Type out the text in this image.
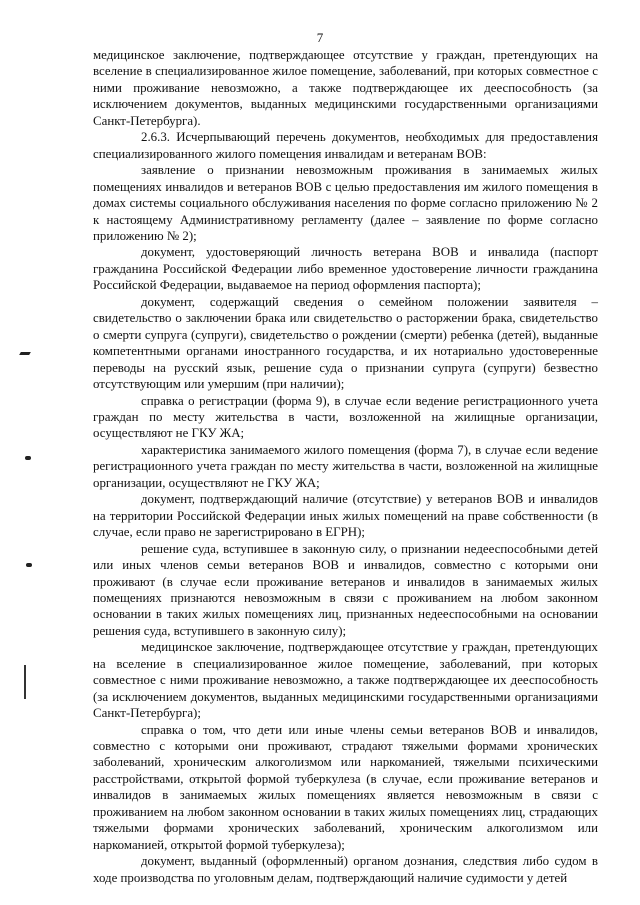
7

медицинское заключение, подтверждающее отсутствие у граждан, претендующих на вселение в специализированное жилое помещение, заболеваний, при которых совместное с ними проживание невозможно, а также подтверждающее их дееспособность (за исключением документов, выданных медицинскими государственными организациями Санкт-Петербурга).

2.6.3. Исчерпывающий перечень документов, необходимых для предоставления специализированного жилого помещения инвалидам и ветеранам ВОВ:

заявление о признании невозможным проживания в занимаемых жилых помещениях инвалидов и ветеранов ВОВ с целью предоставления им жилого помещения в домах системы социального обслуживания населения по форме согласно приложению № 2 к настоящему Административному регламенту (далее – заявление по форме согласно приложению № 2);

документ, удостоверяющий личность ветерана ВОВ и инвалида (паспорт гражданина Российской Федерации либо временное удостоверение личности гражданина Российской Федерации, выдаваемое на период оформления паспорта);

документ, содержащий сведения о семейном положении заявителя – свидетельство о заключении брака или свидетельство о расторжении брака, свидетельство о смерти супруга (супруги), свидетельство о рождении (смерти) ребенка (детей), выданные компетентными органами иностранного государства, и их нотариально удостоверенные переводы на русский язык, решение суда о признании супруга (супруги) безвестно отсутствующим или умершим (при наличии);

справка о регистрации (форма 9), в случае если ведение регистрационного учета граждан по месту жительства в части, возложенной на жилищные организации, осуществляют не ГКУ ЖА;

характеристика занимаемого жилого помещения (форма 7), в случае если ведение регистрационного учета граждан по месту жительства в части, возложенной на жилищные организации, осуществляют не ГКУ ЖА;

документ, подтверждающий наличие (отсутствие) у ветеранов ВОВ и инвалидов на территории Российской Федерации иных жилых помещений на праве собственности (в случае, если право не зарегистрировано в ЕГРН);

решение суда, вступившее в законную силу, о признании недееспособными детей или иных членов семьи ветеранов ВОВ и инвалидов, совместно с которыми они проживают (в случае если проживание ветеранов и инвалидов в занимаемых жилых помещениях признаются невозможным в связи с проживанием на любом законном основании в таких жилых помещениях лиц, признанных недееспособными на основании решения суда, вступившего в законную силу);

медицинское заключение, подтверждающее отсутствие у граждан, претендующих на вселение в специализированное жилое помещение, заболеваний, при которых совместное с ними проживание невозможно, а также подтверждающее их дееспособность (за исключением документов, выданных медицинскими государственными организациями Санкт-Петербурга);

справка о том, что дети или иные члены семьи ветеранов ВОВ и инвалидов, совместно с которыми они проживают, страдают тяжелыми формами хронических заболеваний, хроническим алкоголизмом или наркоманией, тяжелыми психическими расстройствами, открытой формой туберкулеза (в случае, если проживание ветеранов и инвалидов в занимаемых жилых помещениях является невозможным в связи с проживанием на любом законном основании в таких жилых помещениях лиц, страдающих тяжелыми формами хронических заболеваний, хроническим алкоголизмом или наркоманией, открытой формой туберкулеза);

документ, выданный (оформленный) органом дознания, следствия либо судом в ходе производства по уголовным делам, подтверждающий наличие судимости у детей
